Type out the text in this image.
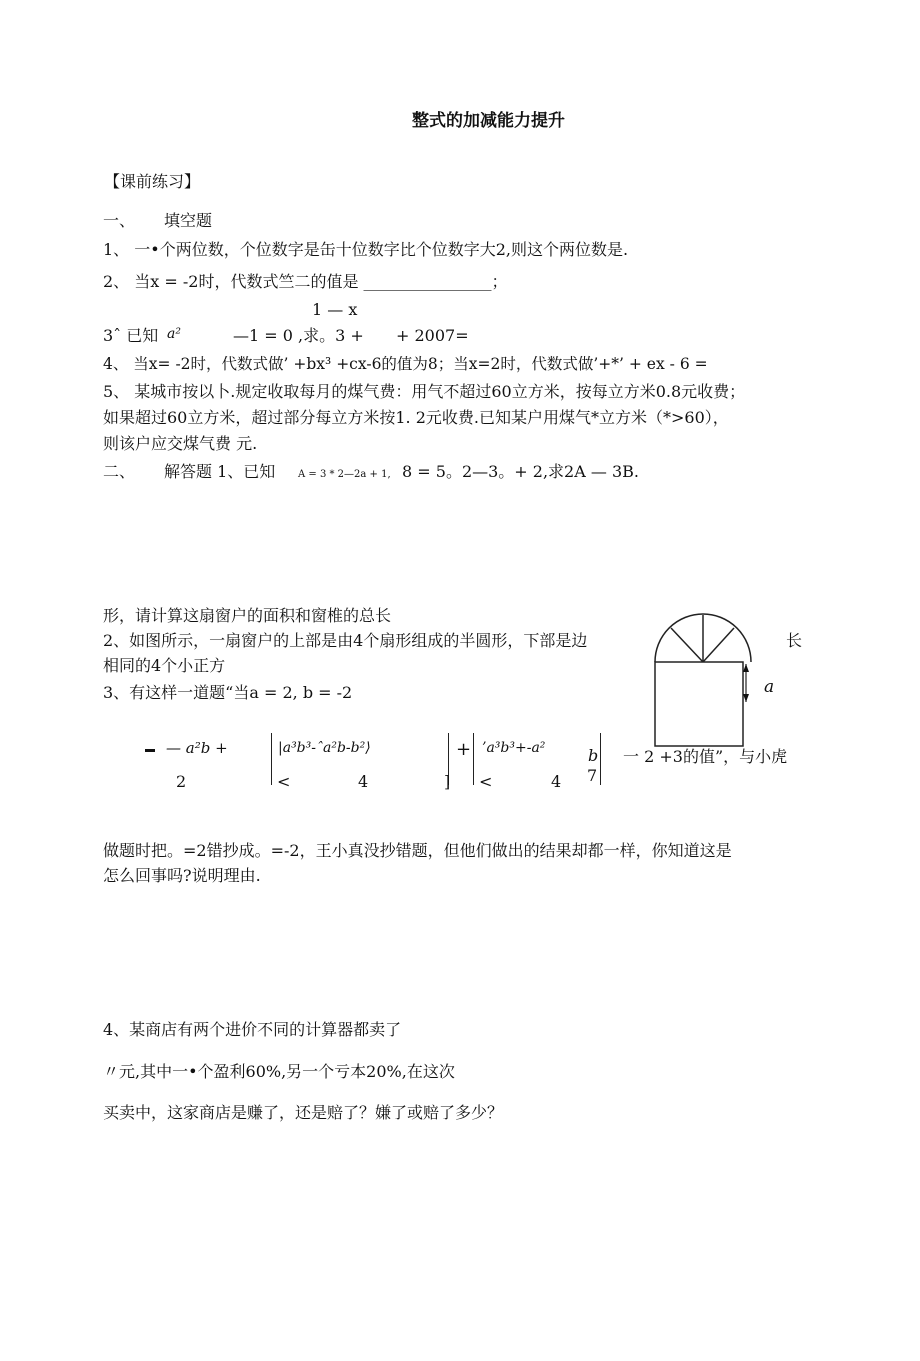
整式的加减能力提升
【课前练习】
一、 填空题
1、 一•个两位数，个位数字是缶十位数字比个位数字大2,则这个两位数是.
2、 当x = -2时，代数式竺二的值是 ________________；
1 — x
3ˆ 已知 a²	—1 = 0 ,求。3 + + 2007=
4、 当x= -2时，代数式做’ +bx³ +cx-6的值为8；当x=2时，代数式做’+*’ + ex - 6 =
5、 某城市按以卜.规定收取每月的煤气费：用气不超过60立方米，按每立方米0.8元收费；
如果超过60立方米，超过部分每立方米按1. 2元收费.已知某户用煤气*立方米（*>60），
则该户应交煤气费 元.
二、 解答题 1、已知 A = 3 * 2—2a + 1, 8 = 5。2—3。+ 2,求2A — 3B.
形，请计算这扇窗户的面积和窗椎的总长
2、如图所示，一扇窗户的上部是由4个扇形组成的半圆形，下部是边	长
相同的4个小正方
3、有这样一道题“当a = 2, b = -2
— a²b +
2
|a³b³-ˆa²b-b²⟩
<	4	]
+ ’a³b³+-a²
<	4
b
7
一 2 +3的值”，与小虎
做题时把。=2错抄成。=-2，王小真没抄错题，但他们做出的结果却都一样，你知道这是
怎么回事吗?说明理由.
4、某商店有两个进价不同的计算器都卖了
〃元,其中一•个盈利60%,另一个亏本20%,在这次
买卖中，这家商店是赚了，还是赔了？嫌了或赔了多少？
a
